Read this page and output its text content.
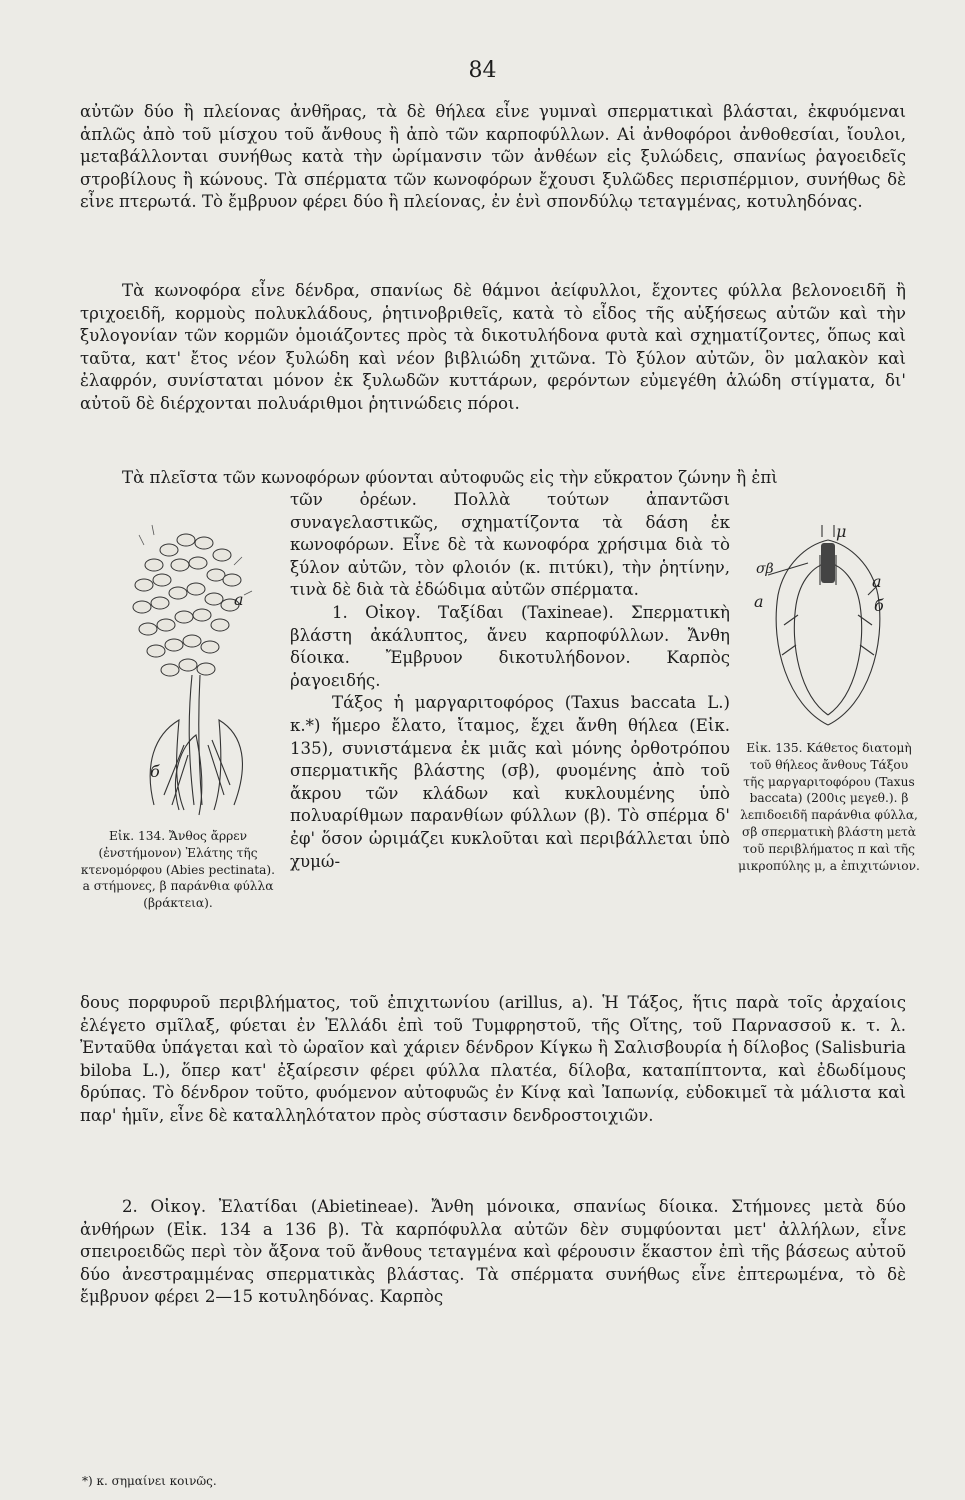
84

αὐτῶν δύο ἢ πλείονας ἀνθῆρας, τὰ δὲ θήλεα εἶνε γυμναὶ σπερματικαὶ βλάσται, ἐκφυόμεναι ἁπλῶς ἀπὸ τοῦ μίσχου τοῦ ἄνθους ἢ ἀπὸ τῶν καρποφύλλων. Αἱ ἀνθοφόροι ἀνθοθεσίαι, ἴουλοι, μεταβάλλονται συνήθως κατὰ τὴν ὡρίμανσιν τῶν ἀνθέων εἰς ξυλώδεις, σπανίως ῥαγοειδεῖς στροβίλους ἢ κώνους. Τὰ σπέρματα τῶν κωνοφόρων ἔχουσι ξυλῶδες περισπέρμιον, συνήθως δὲ εἶνε πτερωτά. Τὸ ἔμβρυον φέρει δύο ἢ πλείονας, ἐν ἑνὶ σπονδύλῳ τεταγμένας, κοτυληδόνας.

Τὰ κωνοφόρα εἶνε δένδρα, σπανίως δὲ θάμνοι ἀείφυλλοι, ἔχοντες φύλλα βελονοειδῆ ἢ τριχοειδῆ, κορμοὺς πολυκλάδους, ῥητινοβριθεῖς, κατὰ τὸ εἶδος τῆς αὐξήσεως αὐτῶν καὶ τὴν ξυλογονίαν τῶν κορμῶν ὁμοιάζοντες πρὸς τὰ δικοτυλήδονα φυτὰ καὶ σχηματίζοντες, ὅπως καὶ ταῦτα, κατ' ἔτος νέον ξυλώδη καὶ νέον βιβλιώδη χιτῶνα. Τὸ ξύλον αὐτῶν, ὃν μαλακὸν καὶ ἐλαφρόν, συνίσταται μόνον ἐκ ξυλωδῶν κυττάρων, φερόντων εὐμεγέθη ἁλώδη στίγματα, δι' αὐτοῦ δὲ διέρχονται πολυάριθμοι ῥητινώδεις πόροι.

Τὰ πλεῖστα τῶν κωνοφόρων φύονται αὐτοφυῶς εἰς τὴν εὔκρατον ζώνην ἢ ἐπὶ

τῶν ὀρέων. Πολλὰ τούτων ἀπαντῶσι συναγελαστικῶς, σχηματίζοντα τὰ δάση ἐκ κωνοφόρων. Εἶνε δὲ τὰ κωνοφόρα χρήσιμα διὰ τὸ ξύλον αὐτῶν, τὸν φλοιόν (κ. πιτύκι), τὴν ῥητίνην, τινὰ δὲ διὰ τὰ ἐδώδιμα αὐτῶν σπέρματα.

1. Οἰκογ. Ταξίδαι (Taxineae). Σπερματικὴ βλάστη ἀκάλυπτος, ἄνευ καρποφύλλων. Ἄνθη δίοικα. Ἔμβρυον δικοτυλήδονον. Καρπὸς ῥαγοειδής.

Τάξος ἡ μαργαριτοφόρος (Taxus baccata L.) κ.*) ἥμερο ἔλατο, ἴταμος, ἔχει ἄνθη θήλεα (Εἰκ. 135), συνιστάμενα ἐκ μιᾶς καὶ μόνης ὀρθοτρόπου σπερματικῆς βλάστης (σβ), φυομένης ἀπὸ τοῦ ἄκρου τῶν κλάδων καὶ κυκλουμένης ὑπὸ πολυαρίθμων παρανθίων φύλλων (β). Τὸ σπέρμα δ' ἐφ' ὅσον ὡριμάζει κυκλοῦται καὶ περιβάλλεται ὑπὸ χυμώ-

δους πορφυροῦ περιβλήματος, τοῦ ἐπιχιτωνίου (arillus, a). Ἡ Τάξος, ἥτις παρὰ τοῖς ἀρχαίοις ἐλέγετο σμῖλαξ, φύεται ἐν Ἑλλάδι ἐπὶ τοῦ Τυμφρηστοῦ, τῆς Οἴτης, τοῦ Παρνασσοῦ κ. τ. λ. Ἐνταῦθα ὑπάγεται καὶ τὸ ὡραῖον καὶ χάριεν δένδρον Κίγκω ἢ Σαλισβουρία ἡ δίλοβος (Salisburia biloba L.), ὅπερ κατ' ἐξαίρεσιν φέρει φύλλα πλατέα, δίλοβα, καταπίπτοντα, καὶ ἐδωδίμους δρύπας. Τὸ δένδρον τοῦτο, φυόμενον αὐτοφυῶς ἐν Κίνᾳ καὶ Ἰαπωνίᾳ, εὐδοκιμεῖ τὰ μάλιστα καὶ παρ' ἡμῖν, εἶνε δὲ καταλληλότατον πρὸς σύστασιν δενδροστοιχιῶν.

2. Οἰκογ. Ἐλατίδαι (Abietineae). Ἄνθη μόνοικα, σπανίως δίοικα. Στήμονες μετὰ δύο ἀνθήρων (Εἰκ. 134 a 136 β). Τὰ καρπόφυλλα αὐτῶν δὲν συμφύονται μετ' ἀλλήλων, εἶνε σπειροειδῶς περὶ τὸν ἄξονα τοῦ ἄνθους τεταγμένα καὶ φέρουσιν ἕκαστον ἐπὶ τῆς βάσεως αὐτοῦ δύο ἀνεστραμμένας σπερματικὰς βλάστας. Τὰ σπέρματα συνήθως εἶνε ἐπτερωμένα, τὸ δὲ ἔμβρυον φέρει 2—15 κοτυληδόνας. Καρπὸς

a
б
Εἰκ. 134. Ἄνθος ἄρρεν (ἐνστήμονον) Ἐλάτης τῆς κτενομόρφου (Abies pectinata). a στήμονες, β παράνθια φύλλα (βράκτεια).
μ
σβ
a
a	б
Εἰκ. 135. Κάθετος διατομὴ τοῦ θήλεος ἄνθους Τάξου τῆς μαργαριτοφόρου (Taxus baccata) (200ις μεγεθ.). β λεπιδοειδῆ παράνθια φύλλα, σβ σπερματικὴ βλάστη μετὰ τοῦ περιβλήματος π καὶ τῆς μικροπύλης μ, a ἐπιχιτώνιον.
*) κ. σημαίνει κοινῶς.
